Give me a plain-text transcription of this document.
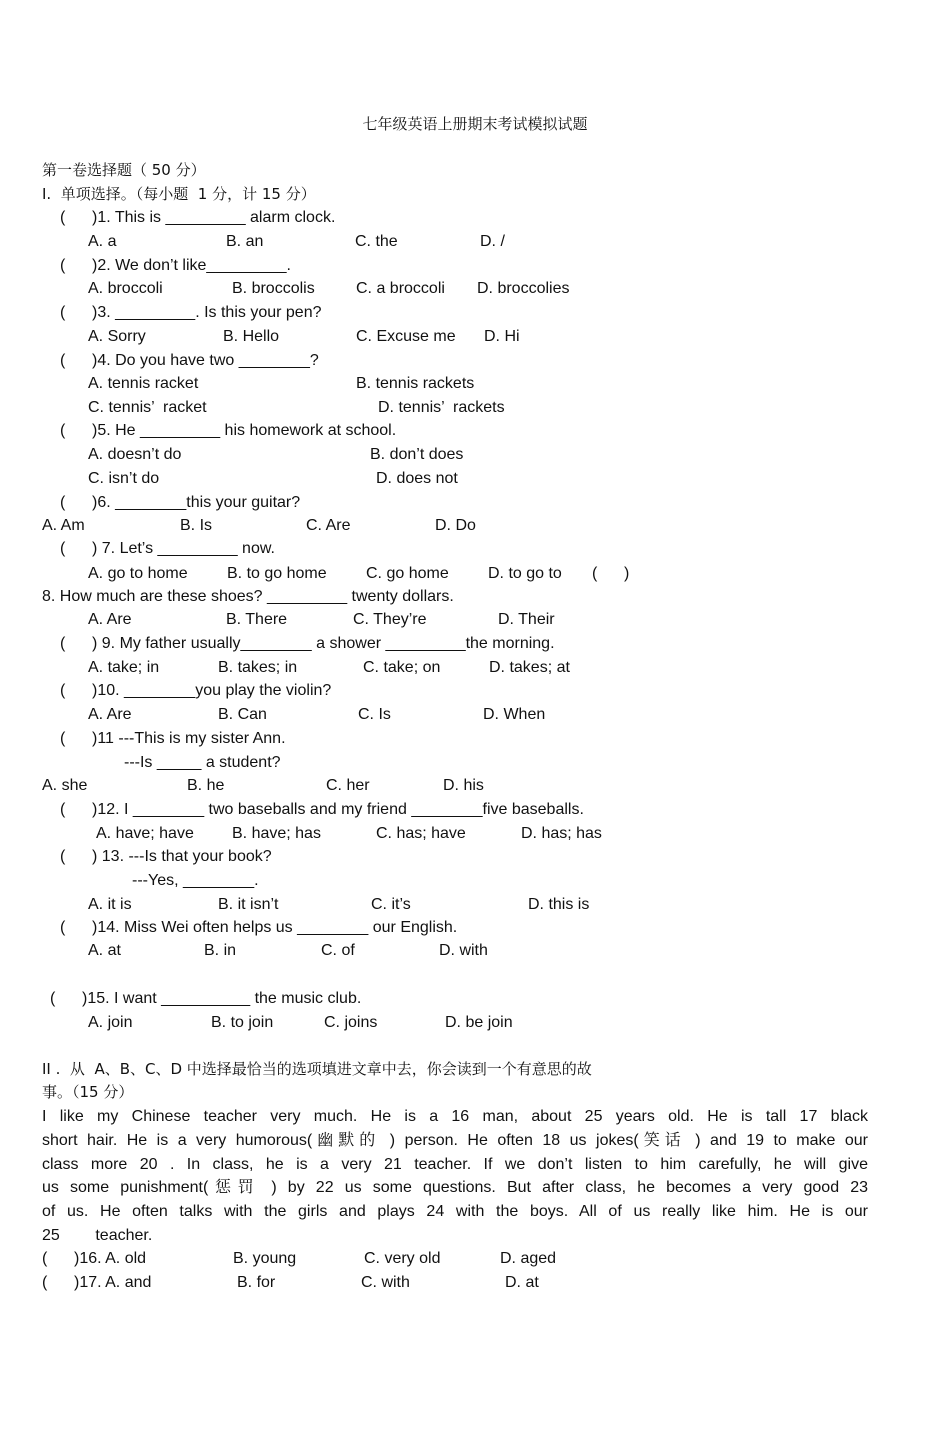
七年级英语上册期末考试模拟试题
第一卷选择题（ 50 分）
I.  单项选择。（每小题  1 分，计 15 分）
(      )1. This is _________ alarm clock.
A. a	B. an	C. the	D. /
(      )2. We don’t like_________.
A. broccoli	B. broccolis	C. a broccoli D. broccolies
(      )3. _________. Is this your pen?
A. Sorry	B. Hello	C. Excuse me D. Hi
(      )4. Do you have two ________?
A. tennis racket	B. tennis rackets
C. tennis’  racket	D. tennis’  rackets
(      )5. He _________ his homework at school.
A. doesn’t do	B. don’t does
C. isn’t do	D. does not
(      )6. ________this your guitar?
A. Am	B. Is	C. Are	D. Do
(      ) 7. Let’s _________ now.
A. go to home B. to go home C. go home D. to go to (      )
8. How much are these shoes? _________ twenty dollars.
A. Are	B. There	C. They’re	D. Their
(      ) 9. My father usually________ a shower _________the morning.
A. take; in	B. takes; in	C. take; on	D. takes; at
(      )10. ________you play the violin?
A. Are	B. Can	C. Is	D. When
(      )11 ---This is my sister Ann.
---Is _____ a student?
A. she	B. he	C. her	D. his
(      )12. I ________ two baseballs and my friend ________five baseballs.
A. have; have B. have; has	C. has; have	D. has; has
(      ) 13. ---Is that your book?
---Yes, ________.
A. it is	B. it isn’t	C. it’s	D. this is
(      )14. Miss Wei often helps us ________ our English.
A. at	B. in	C. of	D. with
(      )15. I want __________ the music club.
A. join	B. to join	C. joins	D. be join
II .  从  A、B、C、D 中选择最恰当的选项填进文章中去，你会读到一个有意思的故
事。（15 分）
I like my Chinese teacher very much. He is a 16 man, about 25 years old. He is tall 17 black
short hair. He is a very humorous(幽默的 ) person. He often 18 us jokes(笑话 ) and 19 to make our
class more 20 . In class, he is a very 21 teacher. If we don’t listen to him carefully, he will give
us some punishment(惩罚 ) by 22 us some questions. But after class, he becomes a very good 23
of us. He often talks with the girls and plays 24 with the boys. All of us really like him. He is our
25        teacher.
(      )16. A. old	B. young	C. very old	D. aged
(      )17. A. and	B. for	C. with	D. at
